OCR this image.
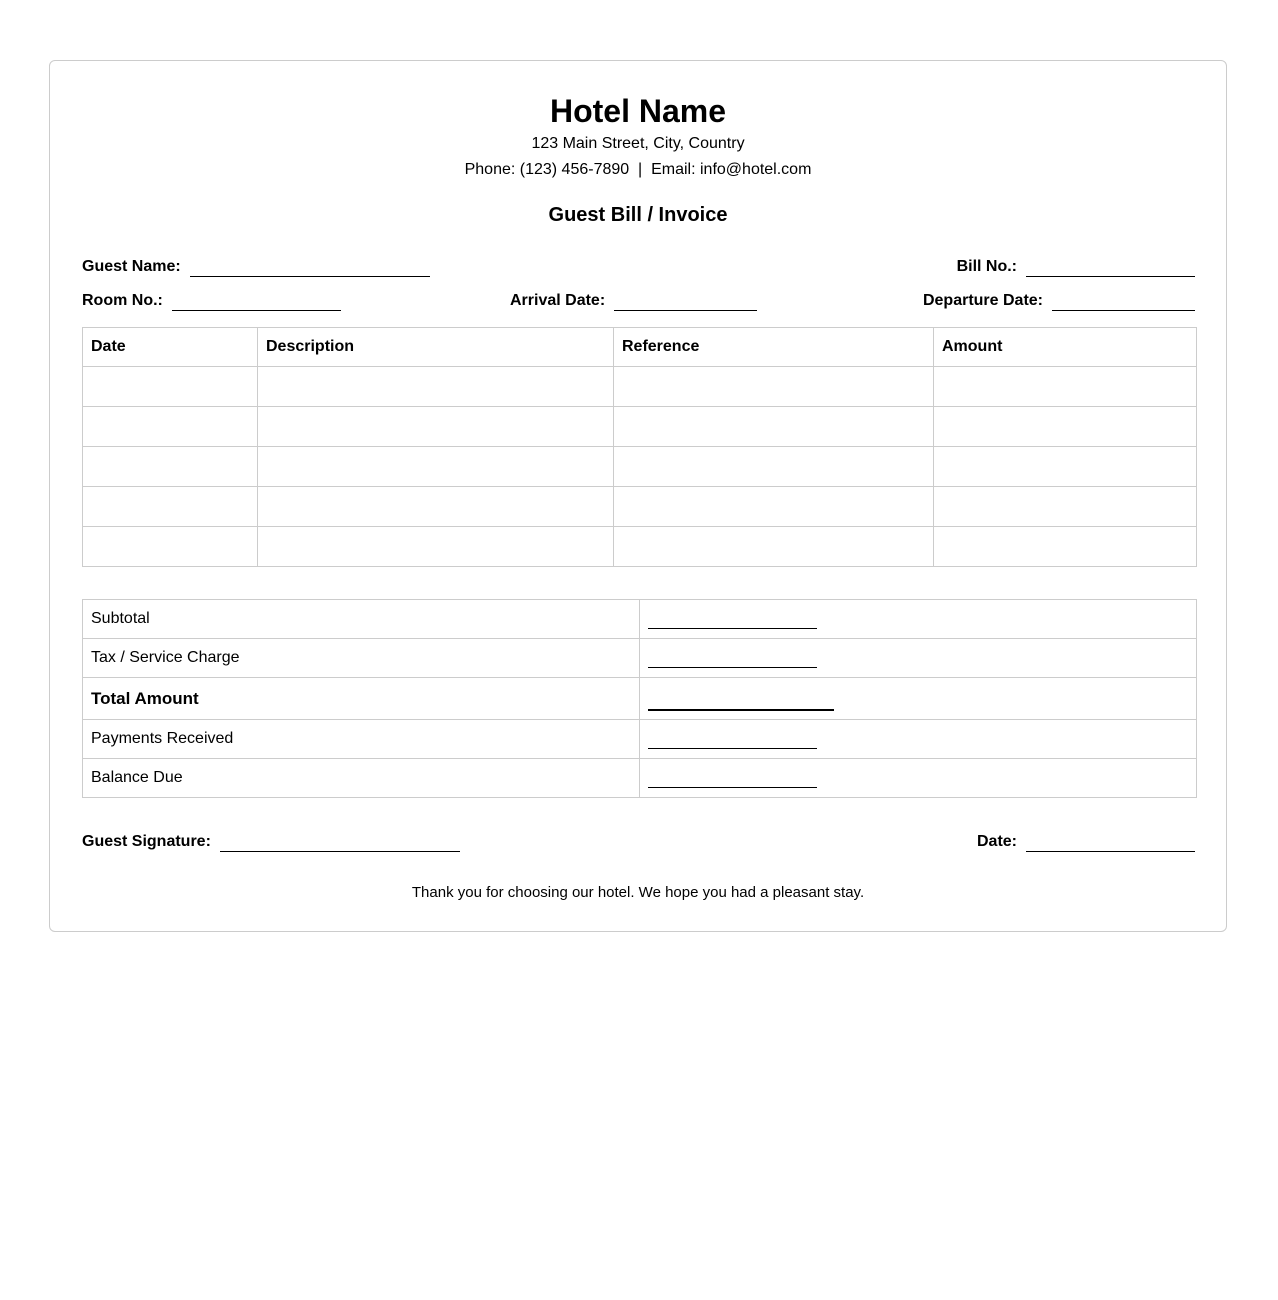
Hotel Name
123 Main Street, City, Country
Phone: (123) 456-7890  |  Email: info@hotel.com
Guest Bill / Invoice
Guest Name:	Bill No.:
Room No.:	Arrival Date:	Departure Date:
Date	Description	Reference	Amount

Subtotal	
Tax / Service Charge	
Total Amount	
Payments Received	
Balance Due	
Guest Signature:	Date:
Thank you for choosing our hotel. We hope you had a pleasant stay.
